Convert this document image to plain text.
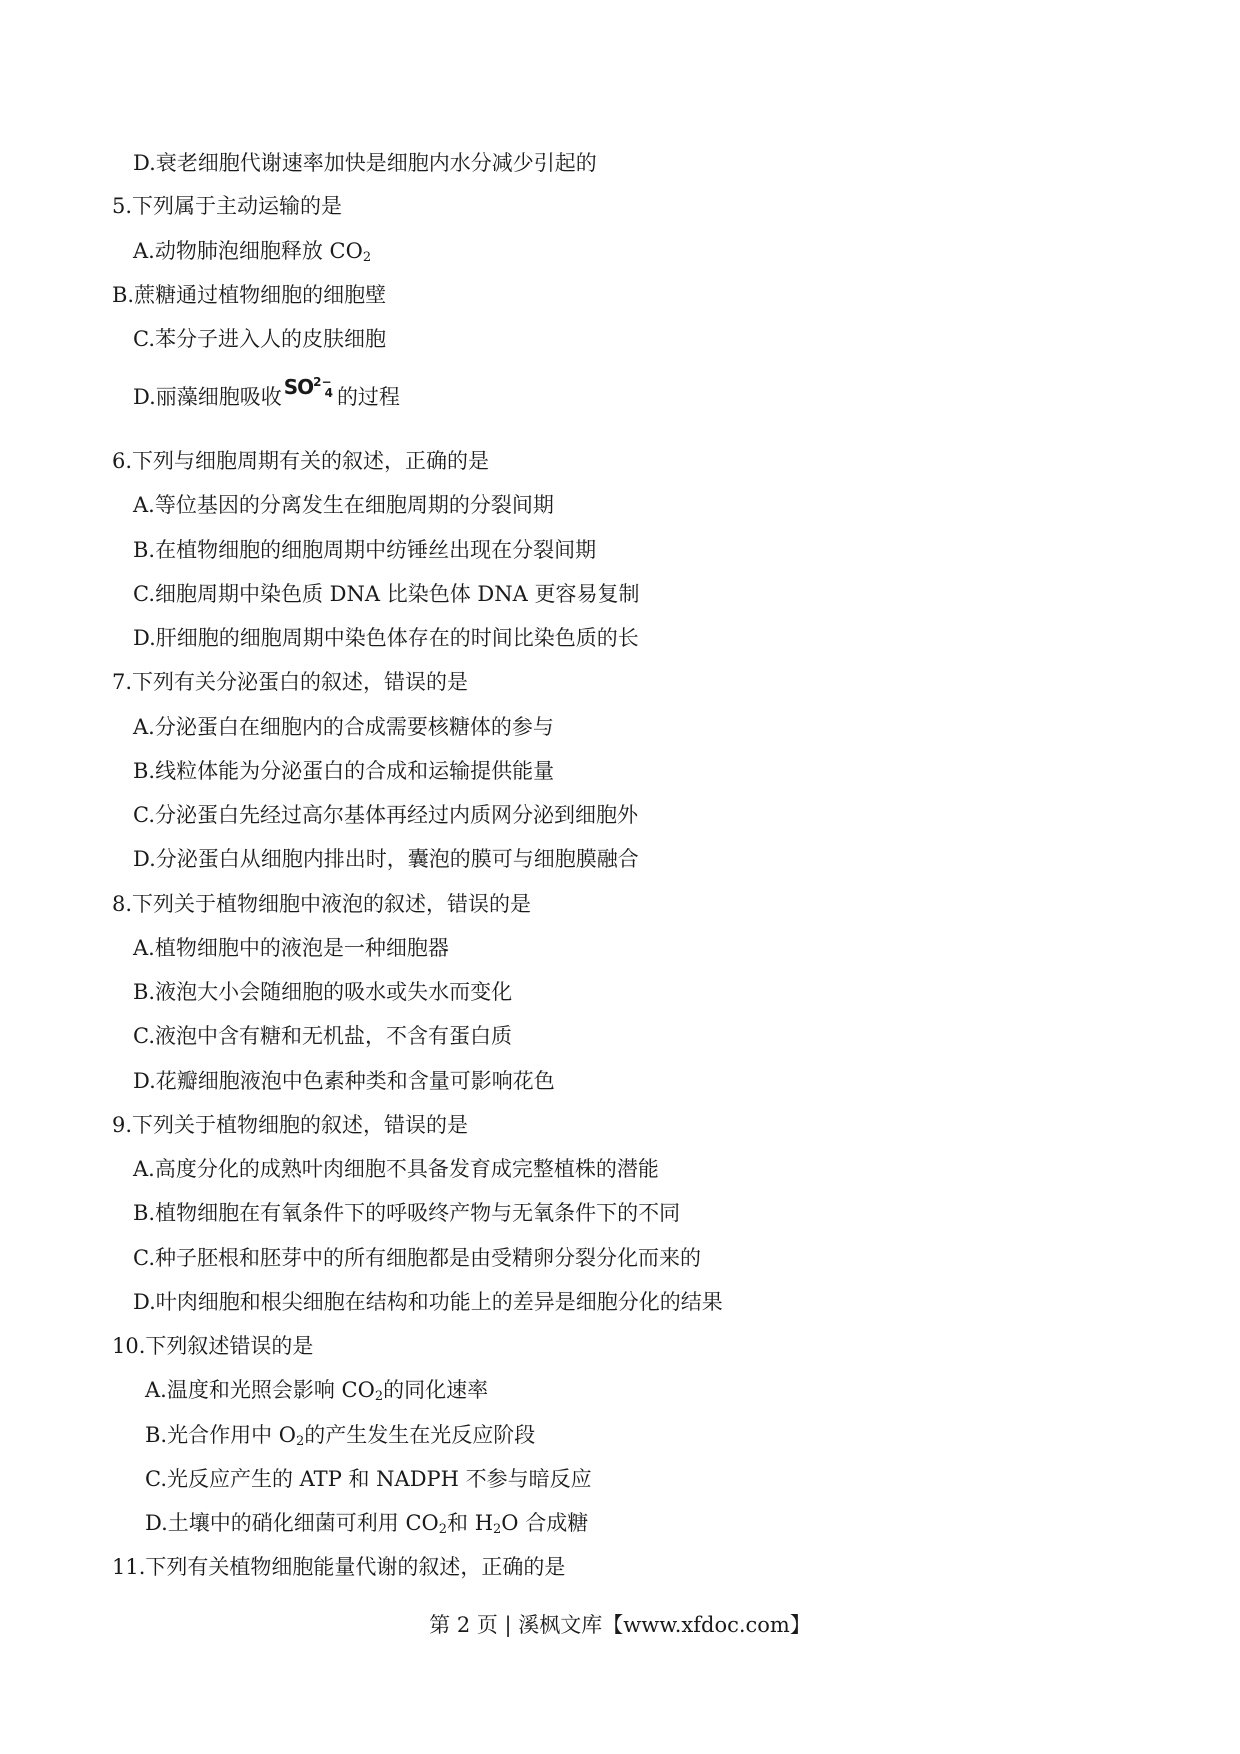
D.衰老细胞代谢速率加快是细胞内水分减少引起的
5.下列属于主动运输的是
A.动物肺泡细胞释放 $CO_2$
B.蔗糖通过植物细胞的细胞壁
C.苯分子进入人的皮肤细胞
D.丽藻细胞吸收 $SO^{2-}_4$ 的过程
6.下列与细胞周期有关的叙述，正确的是
A.等位基因的分离发生在细胞周期的分裂间期
B.在植物细胞的细胞周期中纺锤丝出现在分裂间期
C.细胞周期中染色质 DNA 比染色体 DNA 更容易复制
D.肝细胞的细胞周期中染色体存在的时间比染色质的长
7.下列有关分泌蛋白的叙述，错误的是
A.分泌蛋白在细胞内的合成需要核糖体的参与
B.线粒体能为分泌蛋白的合成和运输提供能量
C.分泌蛋白先经过高尔基体再经过内质网分泌到细胞外
D.分泌蛋白从细胞内排出时，囊泡的膜可与细胞膜融合
8.下列关于植物细胞中液泡的叙述，错误的是
A.植物细胞中的液泡是一种细胞器
B.液泡大小会随细胞的吸水或失水而变化
C.液泡中含有糖和无机盐，不含有蛋白质
D.花瓣细胞液泡中色素种类和含量可影响花色
9.下列关于植物细胞的叙述，错误的是
A.高度分化的成熟叶肉细胞不具备发育成完整植株的潜能
B.植物细胞在有氧条件下的呼吸终产物与无氧条件下的不同
C.种子胚根和胚芽中的所有细胞都是由受精卵分裂分化而来的
D.叶肉细胞和根尖细胞在结构和功能上的差异是细胞分化的结果
10.下列叙述错误的是
A.温度和光照会影响 $CO_2$的同化速率
B.光合作用中 $O_2$的产生发生在光反应阶段
C.光反应产生的 ATP 和 NADPH 不参与暗反应
D.土壤中的硝化细菌可利用 $CO_2$和 $H_2O$ 合成糖
11.下列有关植物细胞能量代谢的叙述，正确的是
第 2 页 | 溪枫文库【www.xfdoc.com】
